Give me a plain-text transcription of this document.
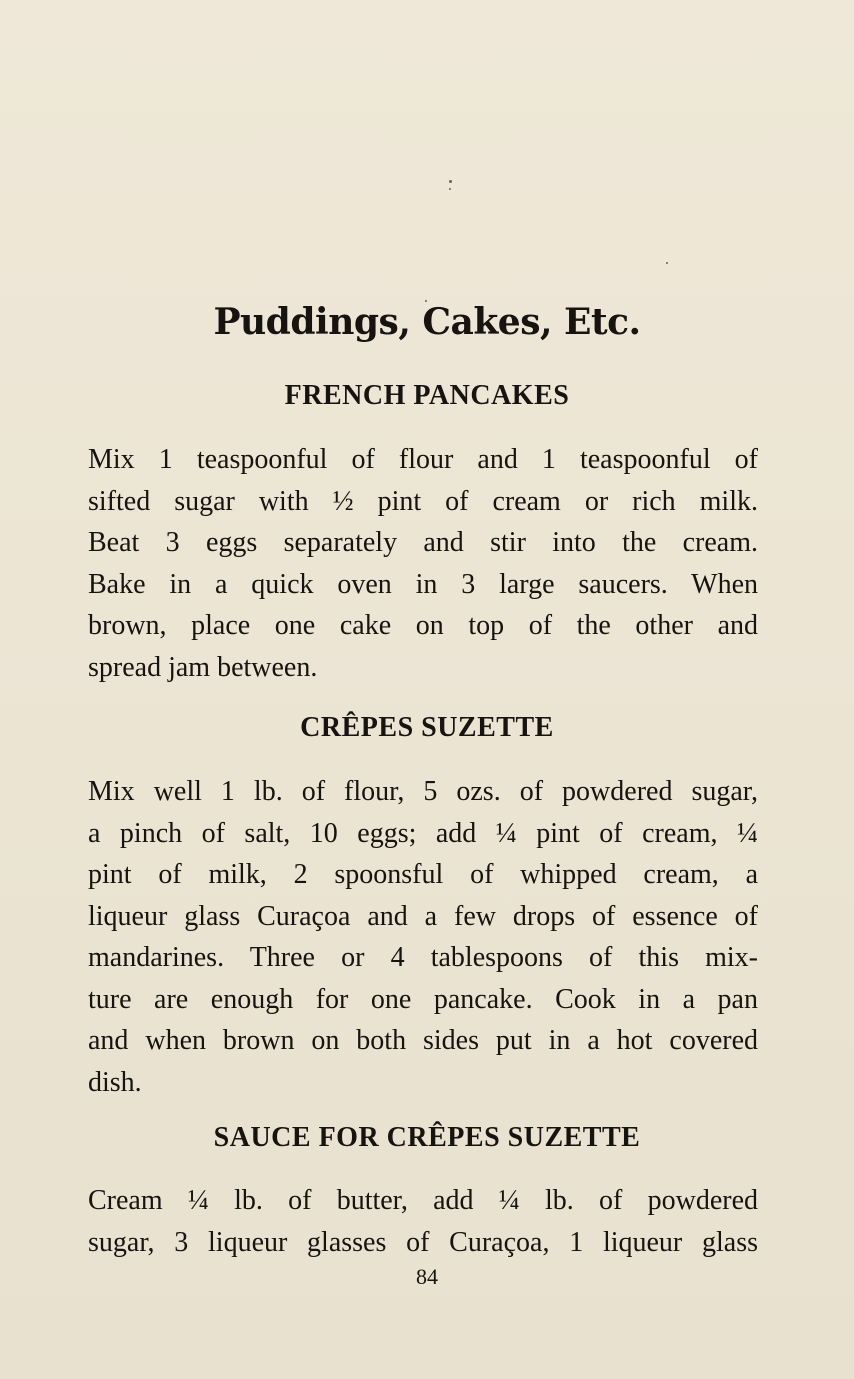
Puddings, Cakes, Etc.
FRENCH PANCAKES
Mix 1 teaspoonful of flour and 1 teaspoonful of
sifted sugar with ½ pint of cream or rich milk.
Beat 3 eggs separately and stir into the cream.
Bake in a quick oven in 3 large saucers. When
brown, place one cake on top of the other and
spread jam between.
CRÊPES SUZETTE
Mix well 1 lb. of flour, 5 ozs. of powdered sugar,
a pinch of salt, 10 eggs; add ¼ pint of cream, ¼
pint of milk, 2 spoonsful of whipped cream, a
liqueur glass Curaçoa and a few drops of essence of
mandarines. Three or 4 tablespoons of this mix-
ture are enough for one pancake. Cook in a pan
and when brown on both sides put in a hot covered
dish.
SAUCE FOR CRÊPES SUZETTE
Cream ¼ lb. of butter, add ¼ lb. of powdered
sugar, 3 liqueur glasses of Curaçoa, 1 liqueur glass
84
